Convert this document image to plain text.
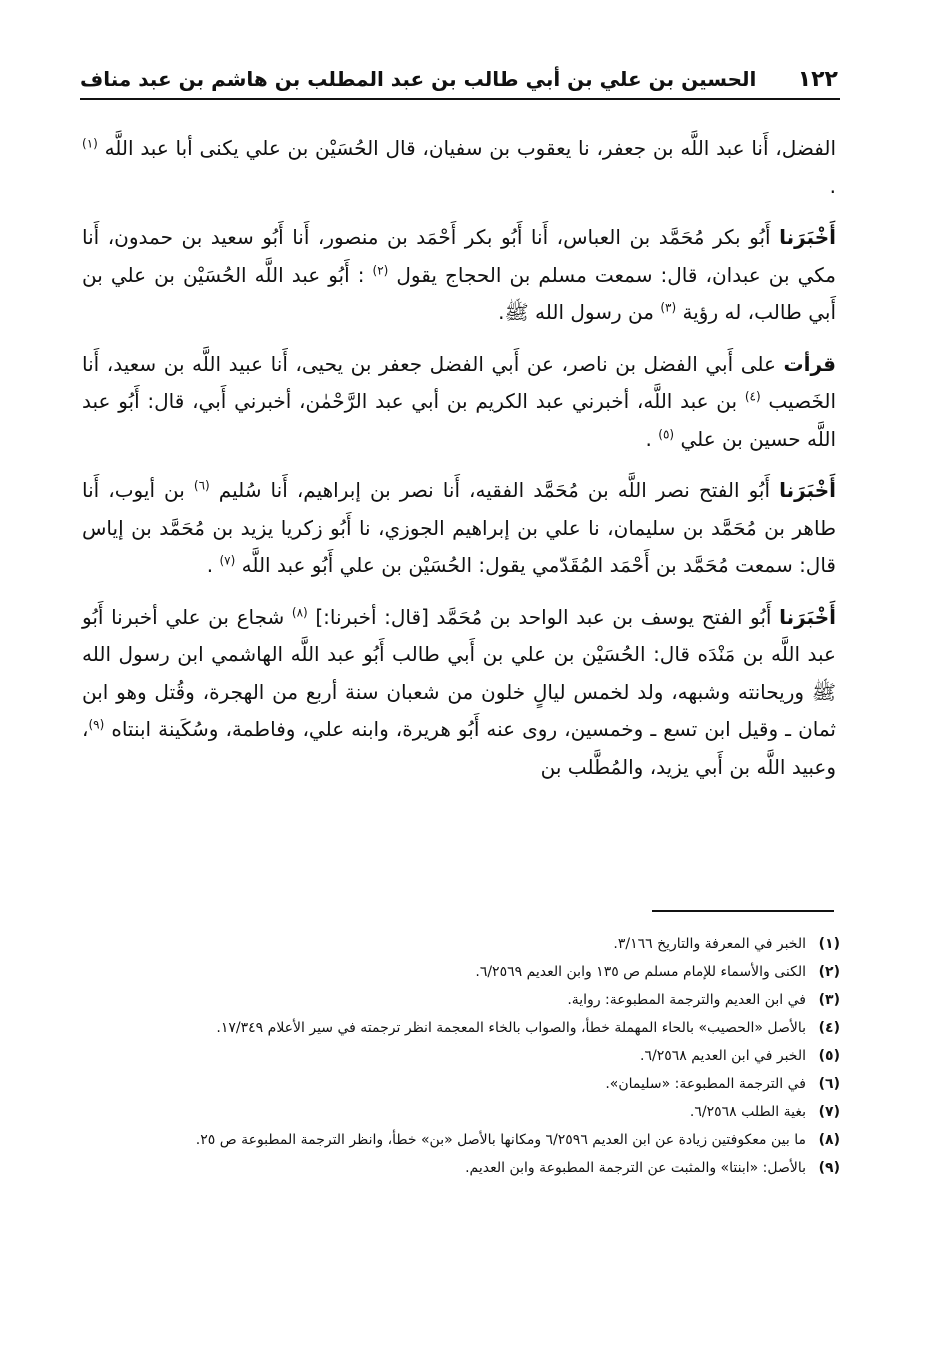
١٢٢
الحسين بن علي بن أبي طالب بن عبد المطلب بن هاشم بن عبد مناف

الفضل، أَنا عبد اللَّه بن جعفر، نا يعقوب بن سفيان، قال الحُسَيْن بن علي يكنى أبا عبد اللَّه $^{(١)}$ .

أَخْبَرَنا أَبُو بكر مُحَمَّد بن العباس، أَنا أَبُو بكر أَحْمَد بن منصور، أَنا أَبُو سعيد بن حمدون، أَنا مكي بن عبدان، قال: سمعت مسلم بن الحجاج يقول $^{(٢)}$ : أَبُو عبد اللَّه الحُسَيْن بن علي بن أَبي طالب، له رؤية $^{(٣)}$ من رسول الله ﷺ.

قرأت على أَبي الفضل بن ناصر، عن أَبي الفضل جعفر بن يحيى، أَنا عبيد اللَّه بن سعيد، أَنا الخَصيب $^{(٤)}$ بن عبد اللَّه، أخبرني عبد الكريم بن أبي عبد الرَّحْمٰن، أخبرني أَبي، قال: أَبُو عبد اللَّه حسين بن علي $^{(٥)}$ .

أَخْبَرَنا أَبُو الفتح نصر اللَّه بن مُحَمَّد الفقيه، أَنا نصر بن إبراهيم، أَنا سُليم $^{(٦)}$ بن أيوب، أَنا طاهر بن مُحَمَّد بن سليمان، نا علي بن إبراهيم الجوزي، نا أَبُو زكريا يزيد بن مُحَمَّد بن إياس قال: سمعت مُحَمَّد بن أَحْمَد المُقَدّمي يقول: الحُسَيْن بن علي أَبُو عبد اللَّه $^{(٧)}$ .

أَخْبَرَنا أَبُو الفتح يوسف بن عبد الواحد بن مُحَمَّد [قال: أخبرنا:] $^{(٨)}$ شجاع بن علي أخبرنا أَبُو عبد اللَّه بن مَنْدَه قال: الحُسَيْن بن علي بن أَبي طالب أَبُو عبد اللَّه الهاشمي ابن رسول الله ﷺ وريحانته وشبهه، ولد لخمس ليالٍ خلون من شعبان سنة أربع من الهجرة، وقُتل وهو ابن ثمان ـ وقيل ابن تسع ـ وخمسين، روى عنه أَبُو هريرة، وابنه علي، وفاطمة، وسُكَينة ابنتاه $^{(٩)}$، وعبيد اللَّه بن أَبي يزيد، والمُطَّلب بن

(١)
الخبر في المعرفة والتاريخ ٣/١٦٦.
(٢)
الكنى والأسماء للإمام مسلم ص ١٣٥ وابن العديم ٦/٢٥٦٩.
(٣)
في ابن العديم والترجمة المطبوعة: رواية.
(٤)
بالأصل «الحصيب» بالحاء المهملة خطأ، والصواب بالخاء المعجمة انظر ترجمته في سير الأعلام ١٧/٣٤٩.
(٥)
الخبر في ابن العديم ٦/٢٥٦٨.
(٦)
في الترجمة المطبوعة: «سليمان».
(٧)
بغية الطلب ٦/٢٥٦٨.
(٨)
ما بين معكوفتين زيادة عن ابن العديم ٦/٢٥٩٦ ومكانها بالأصل «بن» خطأ، وانظر الترجمة المطبوعة ص ٢٥.
(٩)
بالأصل: «ابنتا» والمثبت عن الترجمة المطبوعة وابن العديم.
